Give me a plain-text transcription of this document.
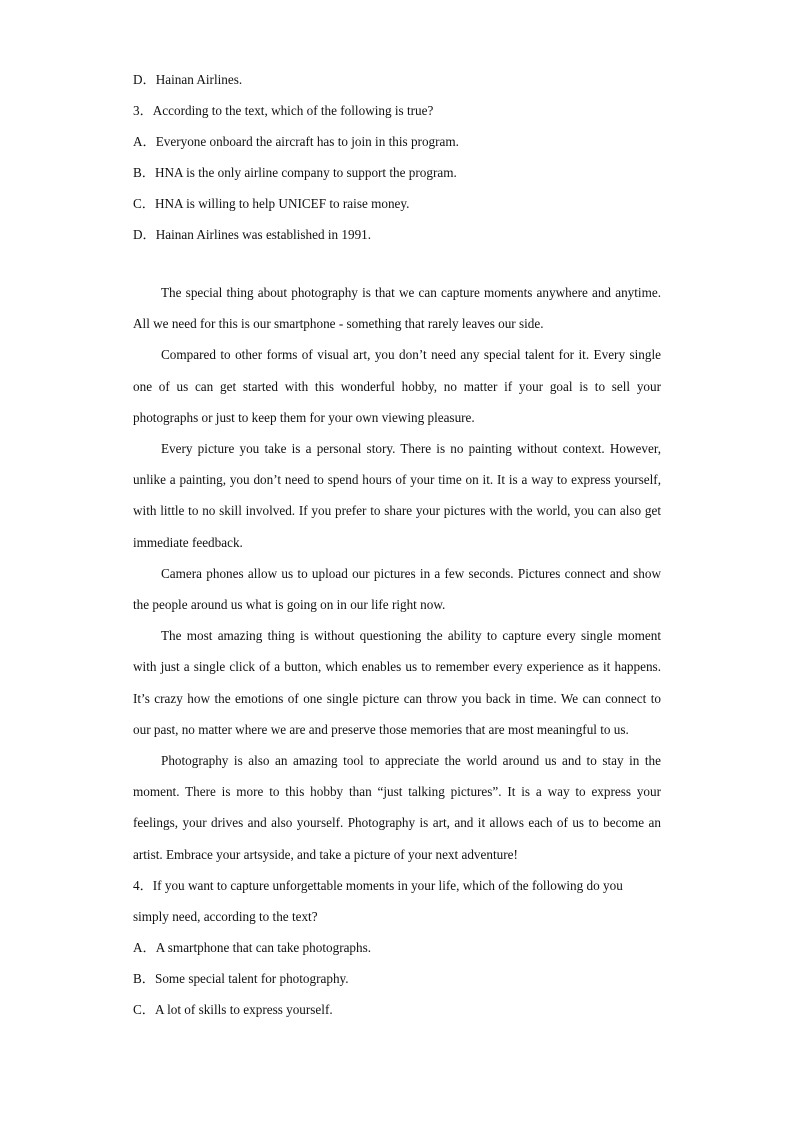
D．Hainan Airlines.
3．According to the text, which of the following is true?
A．Everyone onboard the aircraft has to join in this program.
B．HNA is the only airline company to support the program.
C．HNA is willing to help UNICEF to raise money.
D．Hainan Airlines was established in 1991.

The special thing about photography is that we can capture moments anywhere and anytime. All we need for this is our smartphone - something that rarely leaves our side.

Compared to other forms of visual art, you don’t need any special talent for it. Every single one of us can get started with this wonderful hobby, no matter if your goal is to sell your photographs or just to keep them for your own viewing pleasure.

Every picture you take is a personal story. There is no painting without context. However, unlike a painting, you don’t need to spend hours of your time on it. It is a way to express yourself, with little to no skill involved. If you prefer to share your pictures with the world, you can also get immediate feedback.

Camera phones allow us to upload our pictures in a few seconds. Pictures connect and show the people around us what is going on in our life right now.

The most amazing thing is without questioning the ability to capture every single moment with just a single click of a button, which enables us to remember every experience as it happens. It’s crazy how the emotions of one single picture can throw you back in time. We can connect to our past, no matter where we are and preserve those memories that are most meaningful to us.

Photography is also an amazing tool to appreciate the world around us and to stay in the moment. There is more to this hobby than “just talking pictures”. It is a way to express your feelings, your drives and also yourself. Photography is art, and it allows each of us to become an artist. Embrace your artsyside, and take a picture of your next adventure!

4．If you want to capture unforgettable moments in your life, which of the following do you
simply need, according to the text?
A．A smartphone that can take photographs.
B．Some special talent for photography.
C．A lot of skills to express yourself.
